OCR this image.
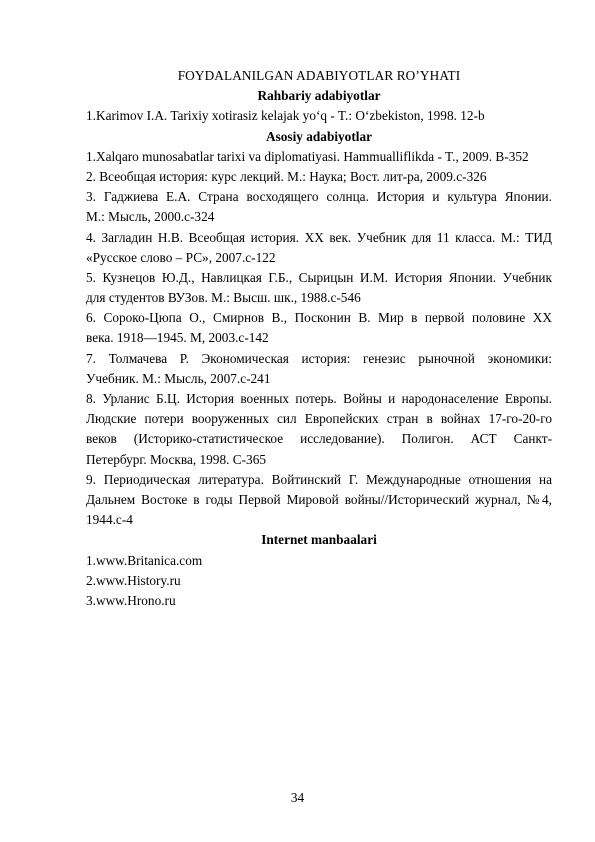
FOYDALANILGAN ADABIYOTLAR RO’YHATI
Rahbariy adabiyotlar
1.Karimov I.A. Tarixiy xotirasiz kelajak yoʻq - T.: Oʻzbekiston, 1998. 12-b
Asosiy adabiyotlar
1.Xalqaro munosabatlar tarixi va diplomatiyasi. Hammualliflikda - T., 2009. B-352
2. Всеобщая история: курс лекций. М.: Наука; Вост. лит-ра, 2009.с-326
3. Гаджиева Е.А. Страна восходящего солнца. История и культура Японии.
М.: Мысль, 2000.с-324
4. Загладин Н.В. Всеобщая история. ХХ век. Учебник для 11 класса. М.: ТИД
«Русское слово – РС», 2007.с-122
5. Кузнецов Ю.Д., Навлицкая Г.Б., Сырицын И.М. История Японии. Учебник
для студентов ВУЗов. М.: Высш. шк., 1988.с-546
6. Сороко-Цюпа О., Смирнов В., Посконин В. Мир в первой половине ХХ
века. 1918—1945. М, 2003.с-142
7. Толмачева Р. Экономическая история: генезис рыночной экономики:
Учебник. М.: Мысль, 2007.с-241
8. Урланис Б.Ц. История военных потерь. Войны и народонаселение Европы.
Людские потери вооруженных сил Европейских стран в войнах 17-го-20-го
веков (Историко-статистическое исследование). Полигон. АСТ Санкт-
Петербург. Москва, 1998. С-365
9. Периодическая литература. Войтинский Г. Международные отношения на
Дальнем Востоке в годы Первой Мировой войны//Исторический журнал, №4,
1944.с-4
Internet manbaalari
1.www.Britanica.com
2.www.History.ru
3.www.Hrono.ru
34
